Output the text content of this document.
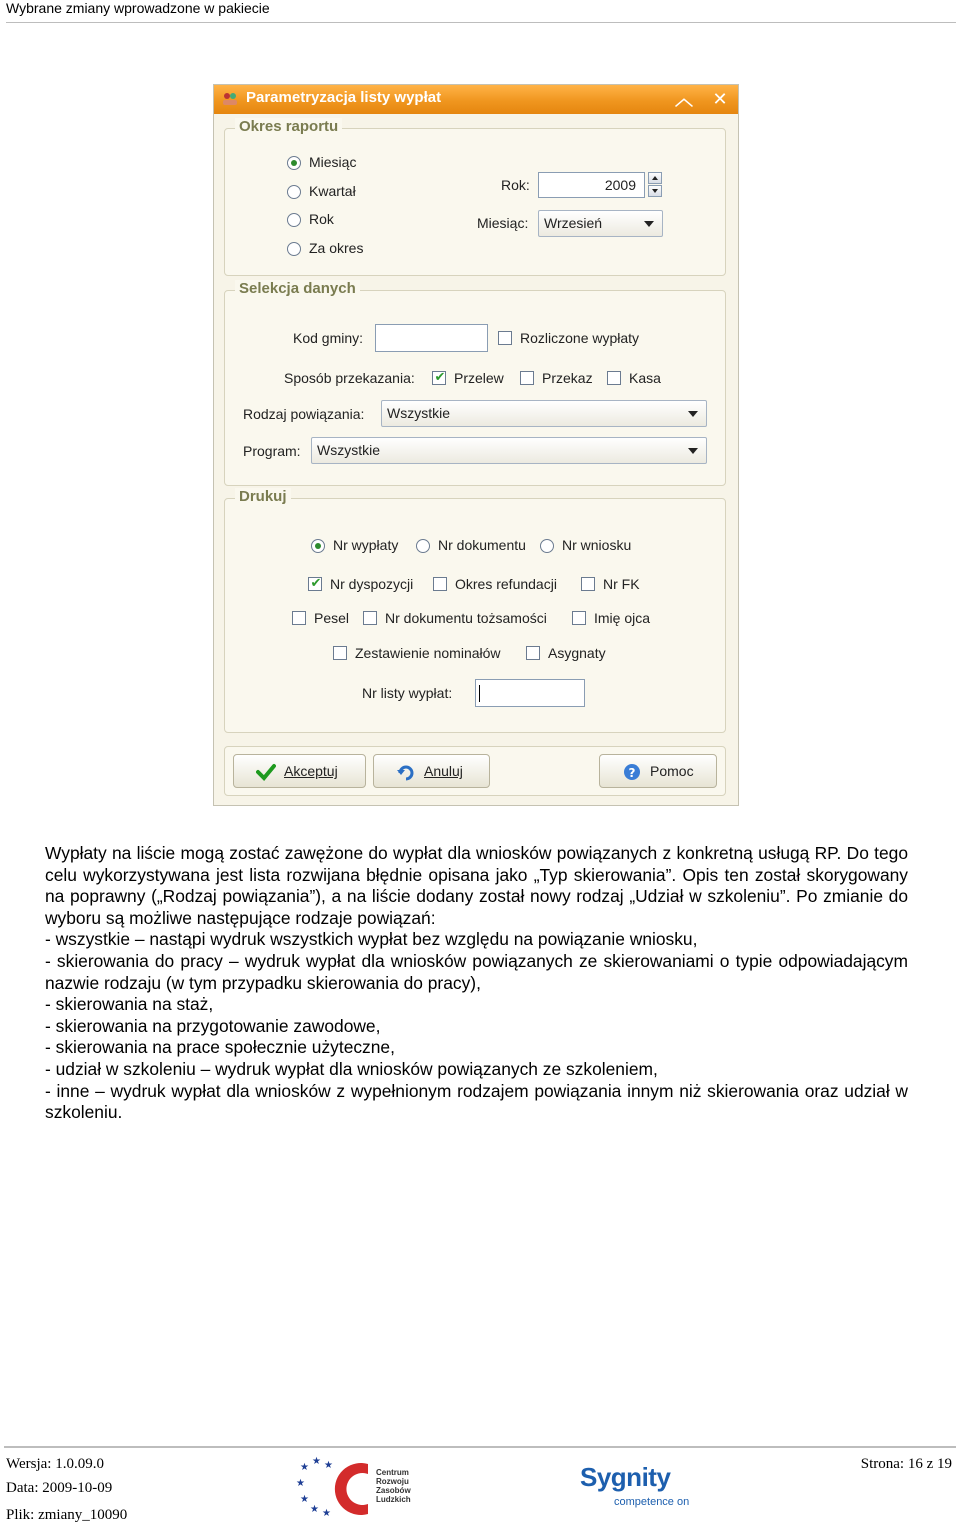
Wybrane zmiany wprowadzone w pakiecie
Parametryzacja listy wypłat	︿ ✕
Okres raportu
Miesiąc
Kwartał
Rok
Za okres
Rok:	2009
Miesiąc: Wrzesień
Selekcja danych
Kod gminy:	Rozliczone wypłaty
Sposób przekazania: ✔ Przelew	Przekaz	Kasa
Rodzaj powiązania: Wszystkie
Program: Wszystkie
Drukuj
Nr wypłaty	Nr dokumentu	Nr wniosku
✔ Nr dyspozycji	Okres refundacji	Nr FK
Pesel	Nr dokumentu tożsamości	Imię ojca
Zestawienie nominałów	Asygnaty
Nr listy wypłat:
Akceptuj	Anuluj	? Pomoc

Wypłaty na liście mogą zostać zawężone do wypłat dla wniosków powiązanych z konkretną usługą RP. Do tego celu wykorzystywana jest lista rozwijana błędnie opisana jako „Typ skierowania”. Opis ten został skorygowany na poprawny („Rodzaj powiązania”), a na liście dodany został nowy rodzaj „Udział w szkoleniu”. Po zmianie do wyboru są możliwe następujące rodzaje powiązań:

- wszystkie – nastąpi wydruk wszystkich wypłat bez względu na powiązanie wniosku,

- skierowania do pracy – wydruk wypłat dla wniosków powiązanych ze skierowaniami o typie odpowiadającym nazwie rodzaju (w tym przypadku skierowania do pracy),

- skierowania na staż,

- skierowania na przygotowanie zawodowe,

- skierowania na prace społecznie użyteczne,

- udział w szkoleniu – wydruk wypłat dla wniosków powiązanych ze szkoleniem,

- inne – wydruk wypłat dla wniosków z wypełnionym rodzajem powiązania innym niż skierowania oraz udział w szkoleniu.

Wersja: 1.0.09.0
Data: 2009-10-09
Plik: zmiany_10090
Strona: 16 z 19
★
★ ★
★
★
★ ★
Centrum
Rozwoju
Zasobów
Ludzkich
Sygnity
competence on
